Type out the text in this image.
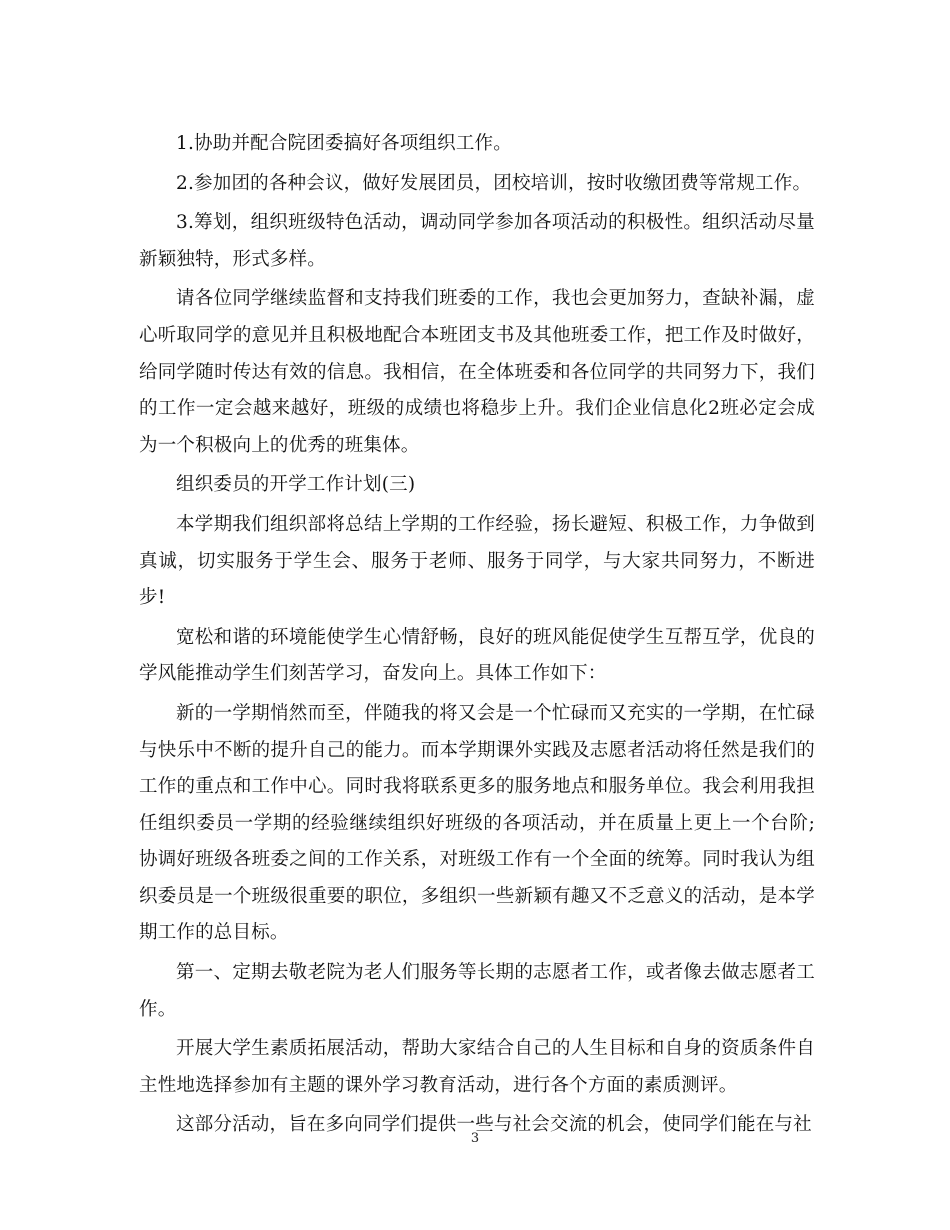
1.协助并配合院团委搞好各项组织工作。

2.参加团的各种会议，做好发展团员，团校培训，按时收缴团费等常规工作。

3.筹划，组织班级特色活动，调动同学参加各项活动的积极性。组织活动尽量新颖独特，形式多样。

请各位同学继续监督和支持我们班委的工作，我也会更加努力，查缺补漏，虚心听取同学的意见并且积极地配合本班团支书及其他班委工作，把工作及时做好，给同学随时传达有效的信息。我相信，在全体班委和各位同学的共同努力下，我们的工作一定会越来越好，班级的成绩也将稳步上升。我们企业信息化2班必定会成为一个积极向上的优秀的班集体。

组织委员的开学工作计划(三)

本学期我们组织部将总结上学期的工作经验，扬长避短、积极工作，力争做到真诚，切实服务于学生会、服务于老师、服务于同学，与大家共同努力，不断进步!

宽松和谐的环境能使学生心情舒畅，良好的班风能促使学生互帮互学，优良的学风能推动学生们刻苦学习，奋发向上。具体工作如下：

新的一学期悄然而至，伴随我的将又会是一个忙碌而又充实的一学期，在忙碌与快乐中不断的提升自己的能力。而本学期课外实践及志愿者活动将任然是我们的工作的重点和工作中心。同时我将联系更多的服务地点和服务单位。我会利用我担任组织委员一学期的经验继续组织好班级的各项活动，并在质量上更上一个台阶;协调好班级各班委之间的工作关系，对班级工作有一个全面的统筹。同时我认为组织委员是一个班级很重要的职位，多组织一些新颖有趣又不乏意义的活动，是本学期工作的总目标。

第一、定期去敬老院为老人们服务等长期的志愿者工作，或者像去做志愿者工作。

开展大学生素质拓展活动，帮助大家结合自己的人生目标和自身的资质条件自主性地选择参加有主题的课外学习教育活动，进行各个方面的素质测评。

这部分活动，旨在多向同学们提供一些与社会交流的机会，使同学们能在与社

3
